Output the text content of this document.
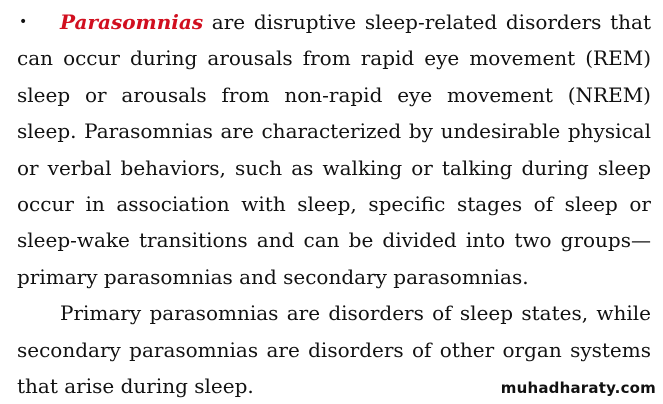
• Parasomnias are disruptive sleep-related disorders that can occur during arousals from rapid eye movement (REM) sleep or arousals from non-rapid eye movement (NREM) sleep. Parasomnias are characterized by undesirable physical or verbal behaviors, such as walking or talking during sleep occur in association with sleep, specific stages of sleep or sleep-wake transitions and can be divided into two groups—primary parasomnias and secondary parasomnias.

Primary parasomnias are disorders of sleep states, while secondary parasomnias are disorders of other organ systems that arise during sleep.	muhadharaty.com
